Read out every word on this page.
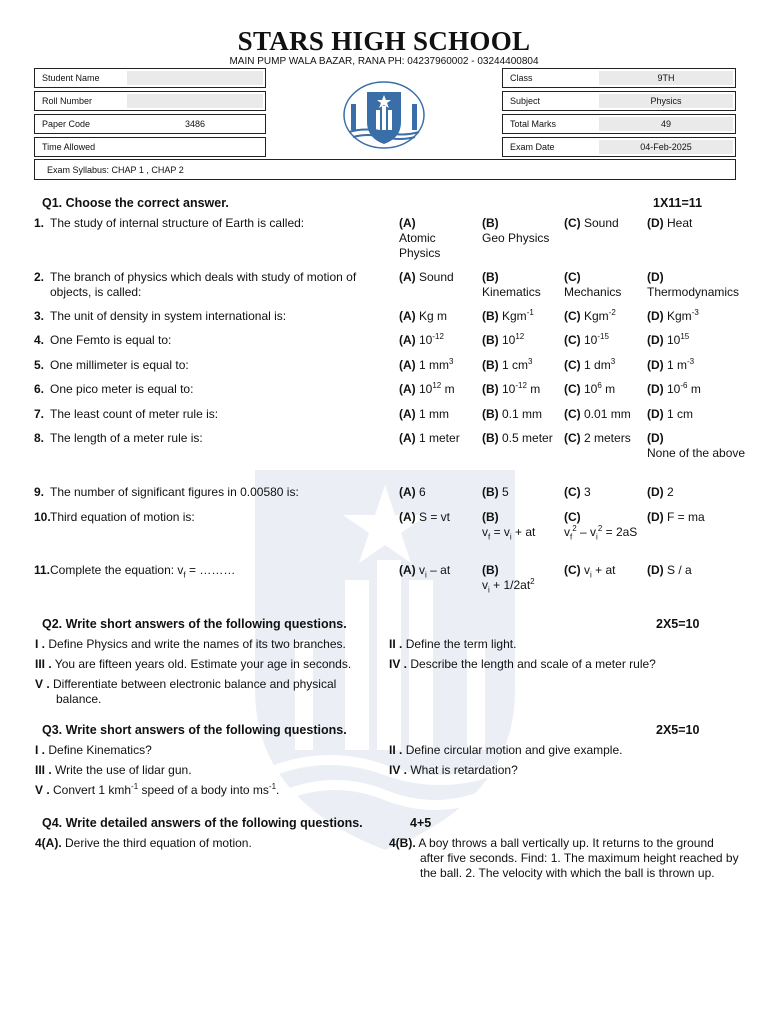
STARS HIGH SCHOOL
MAIN PUMP WALA BAZAR, RANA PH: 04237960002 - 03244400804
Student Name
Roll Number
Paper Code	3486
Time Allowed
Class	9TH
Subject	Physics
Total Marks	49
Exam Date	04-Feb-2025
Exam Syllabus: CHAP 1 , CHAP 2
Q1. Choose the correct answer.	1X11=11
1. The study of internal structure of Earth is called:	(A)
Atomic Physics
(B)
Geo Physics
(C) Sound	(D) Heat
2. The branch of physics which deals with study of motion of objects, is called:
(A) Sound	(B)
Kinematics
(C)
Mechanics
(D)
Thermodynamics
3. The unit of density in system international is:	(A) Kg m	(B) Kgm$^{-1}$	(C) Kgm$^{-2}$	(D) Kgm$^{-3}$
4. One Femto is equal to:	(A) $10^{-12}$	(B) $10^{12}$	(C) $10^{-15}$	(D) $10^{15}$
5. One millimeter is equal to:	(A) 1 $mm^3$	(B) 1 $cm^3$	(C) 1 $dm^3$	(D) 1 $m^{-3}$
6. One pico meter is equal to:	(A) $10^{12}$ m	(B) $10^{-12}$ m	(C) $10^6$ m	(D) $10^{-6}$ m
7. The least count of meter rule is:	(A) 1 mm	(B) 0.1 mm	(C) 0.01 mm	(D) 1 cm
8. The length of a meter rule is:	(A) 1 meter	(B) 0.5 meter (C) 2 meters	(D)
None of the above
9. The number of significant figures in 0.00580 is:	(A) 6	(B) 5	(C) 3	(D) 2
10. Third equation of motion is:	(A) S = vt	(B)
$v_f = v_i$ + at
(C)
$v_f^2 - v_i^2 = 2aS$
(D) F = ma
11. Complete the equation: $v_f$ = ………	(A) $v_i$ – at	(B)
$v_i + 1/2at^2$
(C) $v_i$ + at	(D) S / a
Q2. Write short answers of the following questions.	2X5=10
I . Define Physics and write the names of its two branches.	II . Define the term light.
III . You are fifteen years old. Estimate your age in seconds.	IV . Describe the length and scale of a meter rule?
V . Differentiate between electronic balance and physical balance.
Q3. Write short answers of the following questions.	2X5=10
I . Define Kinematics?	II . Define circular motion and give example.
III . Write the use of lidar gun.	IV . What is retardation?
V . Convert 1 kmh$^{-1}$ speed of a body into $ms^{-1}$.
Q4. Write detailed answers of the following questions.	4+5
4(A). Derive the third equation of motion.	4(B). A boy throws a ball vertically up. It returns to the ground after five seconds. Find: 1. The maximum height reached by the ball. 2. The velocity with which the ball is thrown up.
